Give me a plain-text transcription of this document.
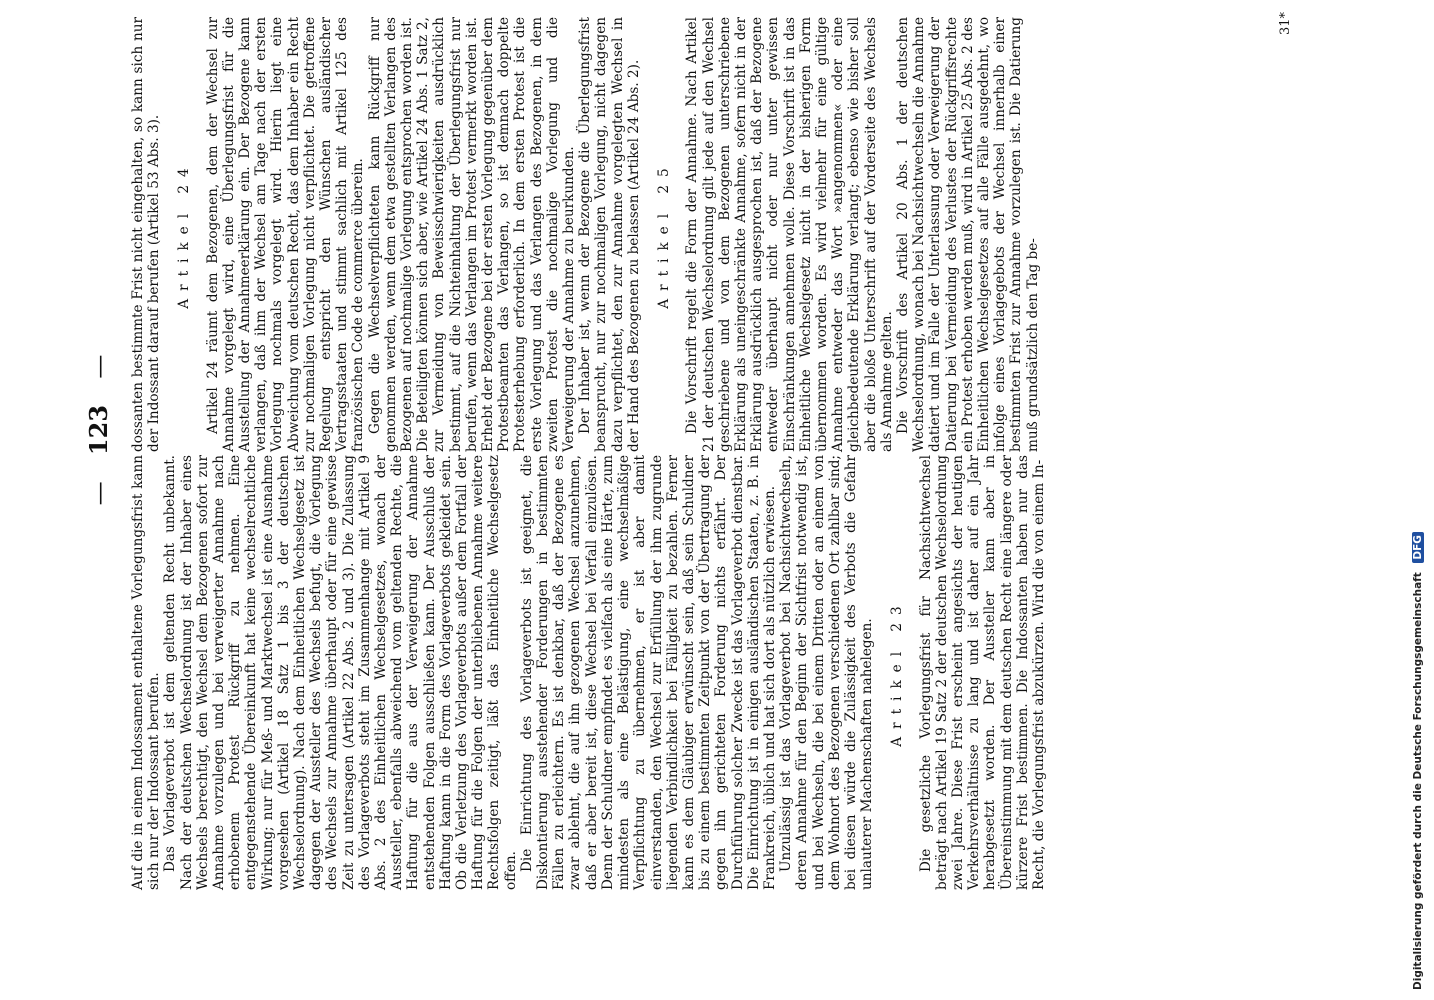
— 123 —

Auf die in einem Indossament enthaltene Vorlegungsfrist kann sich nur der Indossant berufen. Das Vorlageverbot ist dem geltenden Recht unbekannt. Nach der deutschen Wechselordnung ist der Inhaber eines Wechsels berechtigt, den Wechsel dem Bezogenen sofort zur Annahme vorzulegen und bei verweigerter Annahme nach erhobenem Protest Rückgriff zu nehmen. Eine entgegenstehende Übereinkunft hat keine wechselrechtliche Wirkung; nur für Meß- und Marktwechsel ist eine Ausnahme vorgesehen (Artikel 18 Satz 1 bis 3 der deutschen Wechselordnung). Nach dem Einheitlichen Wechselgesetz ist dagegen der Aussteller des Wechsels befugt, die Vorlegung des Wechsels zur Annahme überhaupt oder für eine gewisse Zeit zu untersagen (Artikel 22 Abs. 2 und 3). Die Zulassung des Vorlageverbots steht im Zusammenhange mit Artikel 9 Abs. 2 des Einheitlichen Wechselgesetzes, wonach der Aussteller, ebenfalls abweichend vom geltenden Rechte, die Haftung für die aus der Verweigerung der Annahme entstehenden Folgen ausschließen kann. Der Ausschluß der Haftung kann in die Form des Vorlageverbots gekleidet sein. Ob die Verletzung des Vorlageverbots außer dem Fortfall der Haftung für die Folgen der unterbliebenen Annahme weitere Rechtsfolgen zeitigt, läßt das Einheitliche Wechselgesetz offen. Die Einrichtung des Vorlageverbots ist geeignet, die Diskontierung ausstehender Forderungen in bestimmten Fällen zu erleichtern. Es ist denkbar, daß der Bezogene es zwar ablehnt, die auf ihn gezogenen Wechsel anzunehmen, daß er aber bereit ist, diese Wechsel bei Verfall einzulösen. Denn der Schuldner empfindet es vielfach als eine Härte, zum mindesten als eine Belästigung, eine wechselmäßige Verpflichtung zu übernehmen, er ist aber damit einverstanden, den Wechsel zur Erfüllung der ihm zugrunde liegenden Verbindlichkeit bei Fälligkeit zu bezahlen. Ferner kann es dem Gläubiger erwünscht sein, daß sein Schuldner bis zu einem bestimmten Zeitpunkt von der Übertragung der gegen ihn gerichteten Forderung nichts erfährt. Der Durchführung solcher Zwecke ist das Vorlageverbot dienstbar. Die Einrichtung ist in einigen ausländischen Staaten, z. B. in Frankreich, üblich und hat sich dort als nützlich erwiesen. Unzulässig ist das Vorlageverbot bei Nachsichtwechseln, deren Annahme für den Beginn der Sichtfrist notwendig ist, und bei Wechseln, die bei einem Dritten oder an einem von dem Wohnort des Bezogenen verschiedenen Ort zahlbar sind; bei diesen würde die Zulässigkeit des Verbots die Gefahr unlauterer Machenschaften nahelegen. Artikel 23 Die gesetzliche Vorlegungsfrist für Nachsichtwechsel beträgt nach Artikel 19 Satz 2 der deutschen Wechselordnung zwei Jahre. Diese Frist erscheint angesichts der heutigen Verkehrsverhältnisse zu lang und ist daher auf ein Jahr herabgesetzt worden. Der Aussteller kann aber in Übereinstimmung mit dem deutschen Recht eine längere oder kürzere Frist bestimmen. Die Indossanten haben nur das Recht, die Vorlegungsfrist abzukürzen. Wird die von einem In-

dossanten bestimmte Frist nicht eingehalten, so kann sich nur der Indossant darauf berufen (Artikel 53 Abs. 3). Artikel 24 Artikel 24 räumt dem Bezogenen, dem der Wechsel zur Annahme vorgelegt wird, eine Überlegungsfrist für die Ausstellung der Annahmeerklärung ein. Der Bezogene kann verlangen, daß ihm der Wechsel am Tage nach der ersten Vorlegung nochmals vorgelegt wird. Hierin liegt eine Abweichung vom deutschen Recht, das dem Inhaber ein Recht zur nochmaligen Vorlegung nicht verpflichtet. Die getroffene Regelung entspricht den Wünschen ausländischer Vertragsstaaten und stimmt sachlich mit Artikel 125 des französischen Code de commerce überein. Gegen die Wechselverpflichteten kann Rückgriff nur genommen werden, wenn dem etwa gestellten Verlangen des Bezogenen auf nochmalige Vorlegung entsprochen worden ist. Die Beteiligten können sich aber, wie Artikel 24 Abs. 1 Satz 2, zur Vermeidung von Beweisschwierigkeiten ausdrücklich bestimmt, auf die Nichteinhaltung der Überlegungsfrist nur berufen, wenn das Verlangen im Protest vermerkt worden ist. Erhebt der Bezogene bei der ersten Vorlegung gegenüber dem Protestbeamten das Verlangen, so ist demnach doppelte Protesterhebung erforderlich. In dem ersten Protest ist die erste Vorlegung und das Verlangen des Bezogenen, in dem zweiten Protest die nochmalige Vorlegung und die Verweigerung der Annahme zu beurkunden. Der Inhaber ist, wenn der Bezogene die Überlegungsfrist beansprucht, nur zur nochmaligen Vorlegung, nicht dagegen dazu verpflichtet, den zur Annahme vorgelegten Wechsel in der Hand des Bezogenen zu belassen (Artikel 24 Abs. 2). Artikel 25 Die Vorschrift regelt die Form der Annahme. Nach Artikel 21 der deutschen Wechselordnung gilt jede auf den Wechsel geschriebene und von dem Bezogenen unterschriebene Erklärung als uneingeschränkte Annahme, sofern nicht in der Erklärung ausdrücklich ausgesprochen ist, daß der Bezogene entweder überhaupt nicht oder nur unter gewissen Einschränkungen annehmen wolle. Diese Vorschrift ist in das Einheitliche Wechselgesetz nicht in der bisherigen Form übernommen worden. Es wird vielmehr für eine gültige Annahme entweder das Wort »angenommen« oder eine gleichbedeutende Erklärung verlangt; ebenso wie bisher soll aber die bloße Unterschrift auf der Vorderseite des Wechsels als Annahme gelten. Die Vorschrift des Artikel 20 Abs. 1 der deutschen Wechselordnung, wonach bei Nachsichtwechseln die Annahme datiert und im Falle der Unterlassung oder Verweigerung der Datierung bei Vermeidung des Verlustes der Rückgriffsrechte ein Protest erhoben werden muß, wird in Artikel 25 Abs. 2 des Einheitlichen Wechselgesetzes auf alle Fälle ausgedehnt, wo infolge eines Vorlagegebots der Wechsel innerhalb einer bestimmten Frist zur Annahme vorzulegen ist. Die Datierung muß grundsätzlich den Tag be-

31*
Digitalisierung gefördert durch die Deutsche Forschungsgemeinschaft DFG
